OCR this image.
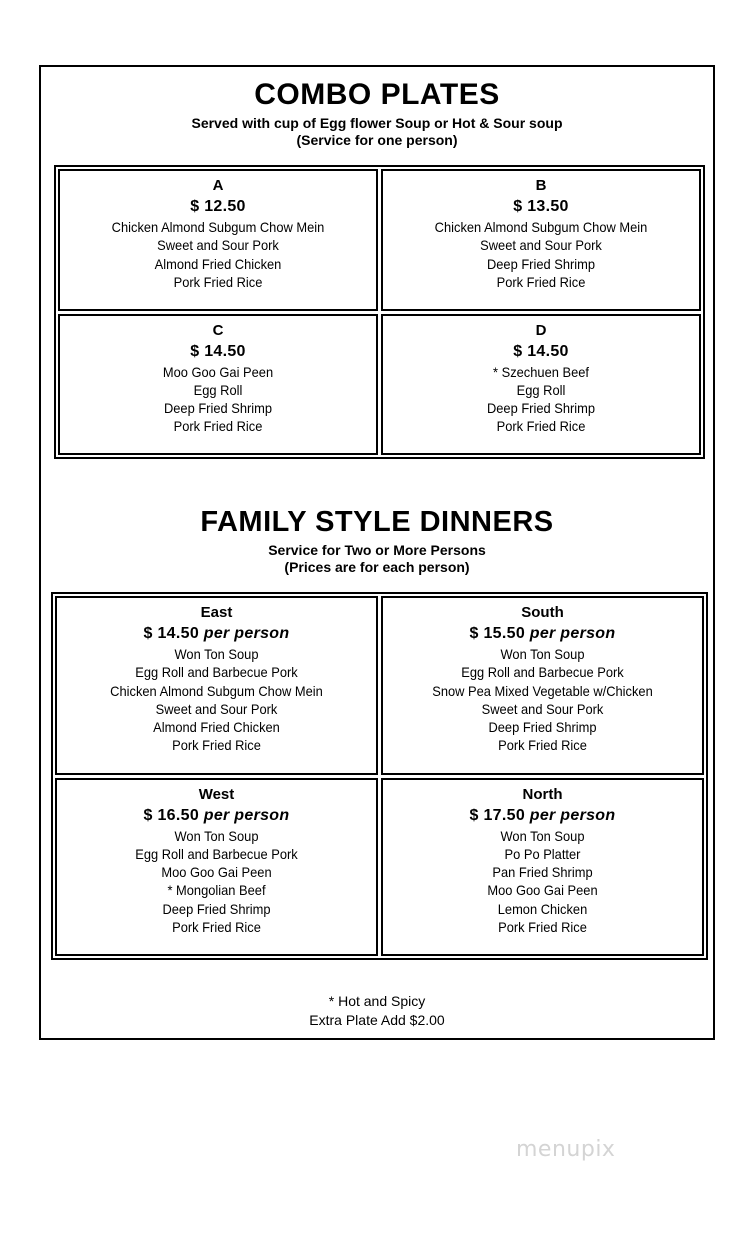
COMBO PLATES
Served with cup of Egg flower Soup or Hot & Sour soup
(Service for one person)
A
$ 12.50
Chicken Almond Subgum Chow Mein
Sweet and Sour Pork
Almond Fried Chicken
Pork Fried Rice
B
$ 13.50
Chicken Almond Subgum Chow Mein
Sweet and Sour Pork
Deep Fried Shrimp
Pork Fried Rice
C
$ 14.50
Moo Goo Gai Peen
Egg Roll
Deep Fried Shrimp
Pork Fried Rice
D
$ 14.50
* Szechuen Beef
Egg Roll
Deep Fried Shrimp
Pork Fried Rice
FAMILY STYLE DINNERS
Service for Two or More Persons
(Prices are for each person)
East
$ 14.50 per person
Won Ton Soup
Egg Roll and Barbecue Pork
Chicken Almond Subgum Chow Mein
Sweet and Sour Pork
Almond Fried Chicken
Pork Fried Rice
South
$ 15.50 per person
Won Ton Soup
Egg Roll and Barbecue Pork
Snow Pea Mixed Vegetable w/Chicken
Sweet and Sour Pork
Deep Fried Shrimp
Pork Fried Rice
West
$ 16.50 per person
Won Ton Soup
Egg Roll and Barbecue Pork
Moo Goo Gai Peen
* Mongolian Beef
Deep Fried Shrimp
Pork Fried Rice
North
$ 17.50 per person
Won Ton Soup
Po Po Platter
Pan Fried Shrimp
Moo Goo Gai Peen
Lemon Chicken
Pork Fried Rice
* Hot and Spicy
Extra Plate Add $2.00
menupix
